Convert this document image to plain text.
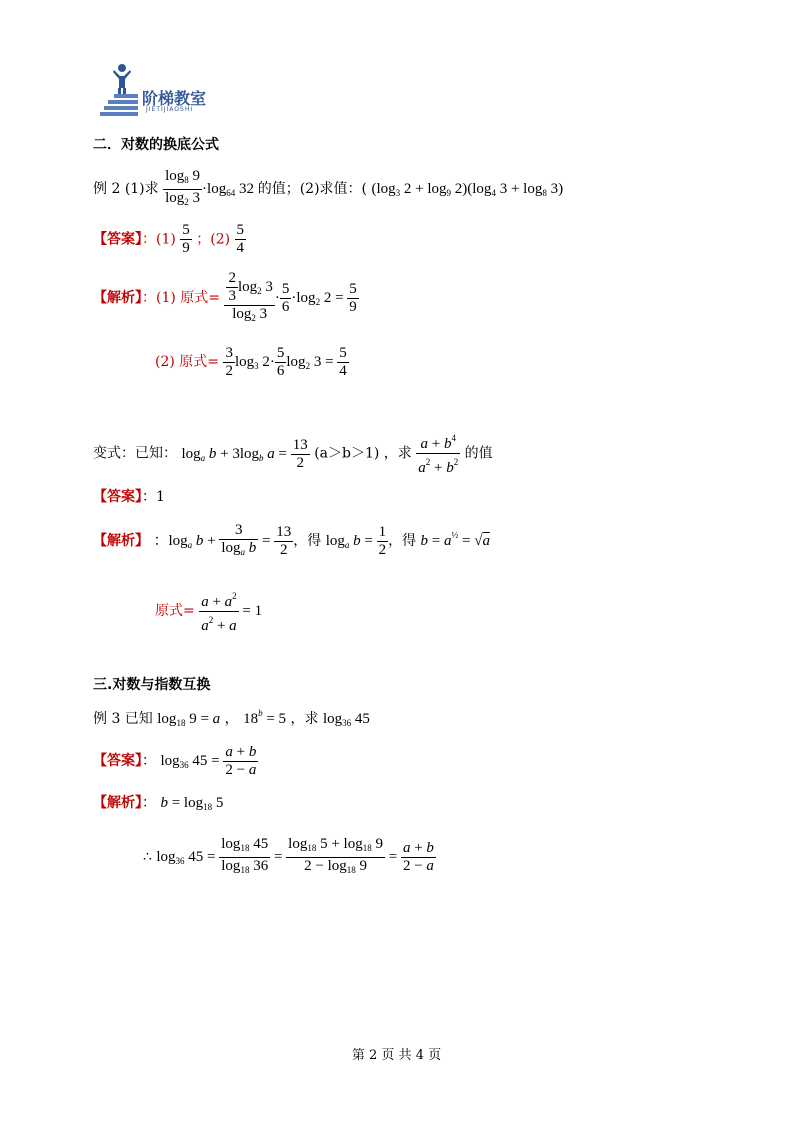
阶梯教室
JIETIJIAOSHI
二．对数的换底公式
例 2 (1)求 $\frac{\log_8 9}{\log_2 3} \cdot\log_{64}$ 32 的值；(2)求值：( ($\log_3$ $2 + \log_9 2)(\log_4$ $3 + \log_8 3$)
【答案】：$(1) \frac{5}{9}$ ；$(2) \frac{5}{4}$
【解析】：(1) 原式= $\frac{\frac{2}{3} \log_2 3}{\log_2 3} \cdot \frac{5}{6} \cdot\log_2$ $2 = \frac{5}{9}$
(2) 原式= $\frac{3}{2} \log_3 2\cdot \frac{5}{6} \log_2 3 = \frac{5}{4}$
变式：已知： $\log_a b + 3\log_b$ $a = \frac{13}{2} (a>b>1)$ ，求 $\frac{a + b^4}{a^2 + b^2}$ 的值
【答案】：1
【解析】 ：$\log_a b + \frac{3}{\log_a b} = \frac{13}{2}$ ，得 $\log_a b = \frac{1}{2}$ ，得 $b = a^{\frac{1}{2}} = √a$
原式= $\frac{a + a^2}{a^2 + a} = 1$
三.对数与指数互换
例 3 已知 $\log_{18} 9 = a$ ， $18^b = 5$ ，求 $\log_{36} 45$
【答案】： $\log_{36} 45 = \frac{a + b}{2 - a}$
【解析】： $b = \log_{18} 5$
∴ $\log_{36} 45 = \frac{\log_{18} 45}{\log_{18} 36} = \frac{\log_{18} 5 + \log_{18} 9}{2 - \log_{18} 9} = \frac{a + b}{2 - a}$
第 2 页 共 4 页
